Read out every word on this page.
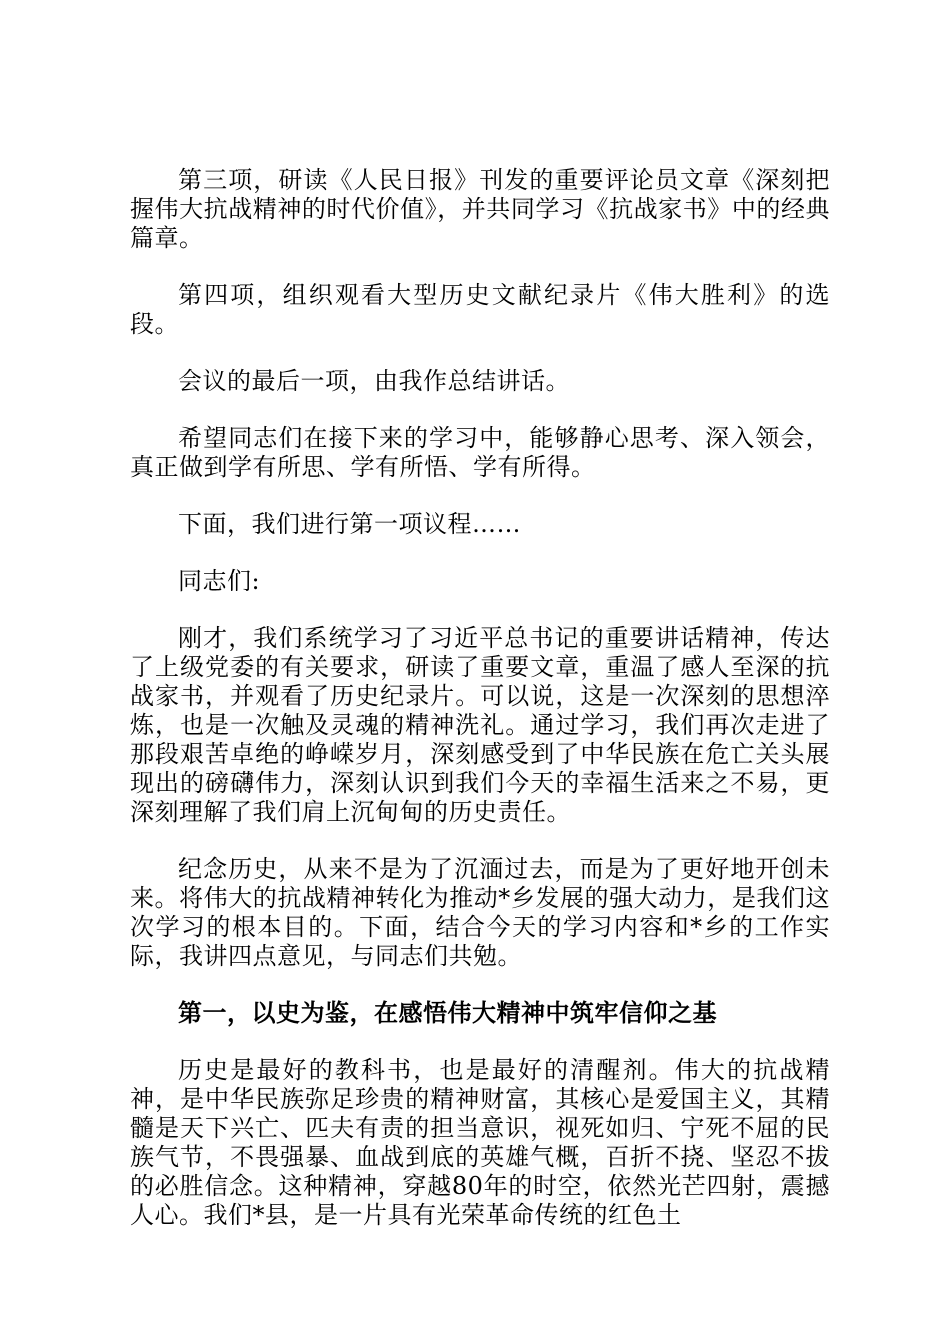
第三项，研读《人民日报》刊发的重要评论员文章《深刻把握伟大抗战精神的时代价值》，并共同学习《抗战家书》中的经典篇章。

第四项，组织观看大型历史文献纪录片《伟大胜利》的选段。

会议的最后一项，由我作总结讲话。

希望同志们在接下来的学习中，能够静心思考、深入领会，真正做到学有所思、学有所悟、学有所得。

下面，我们进行第一项议程……

同志们:

刚才，我们系统学习了习近平总书记的重要讲话精神，传达了上级党委的有关要求，研读了重要文章，重温了感人至深的抗战家书，并观看了历史纪录片。可以说，这是一次深刻的思想淬炼，也是一次触及灵魂的精神洗礼。通过学习，我们再次走进了那段艰苦卓绝的峥嵘岁月，深刻感受到了中华民族在危亡关头展现出的磅礴伟力，深刻认识到我们今天的幸福生活来之不易，更深刻理解了我们肩上沉甸甸的历史责任。

纪念历史，从来不是为了沉湎过去，而是为了更好地开创未来。将伟大的抗战精神转化为推动*乡发展的强大动力，是我们这次学习的根本目的。下面，结合今天的学习内容和*乡的工作实际，我讲四点意见，与同志们共勉。

第一，以史为鉴，在感悟伟大精神中筑牢信仰之基

历史是最好的教科书，也是最好的清醒剂。伟大的抗战精神，是中华民族弥足珍贵的精神财富，其核心是爱国主义，其精髓是天下兴亡、匹夫有责的担当意识，视死如归、宁死不屈的民族气节，不畏强暴、血战到底的英雄气概，百折不挠、坚忍不拔的必胜信念。这种精神，穿越80年的时空，依然光芒四射，震撼人心。我们*县，是一片具有光荣革命传统的红色土
